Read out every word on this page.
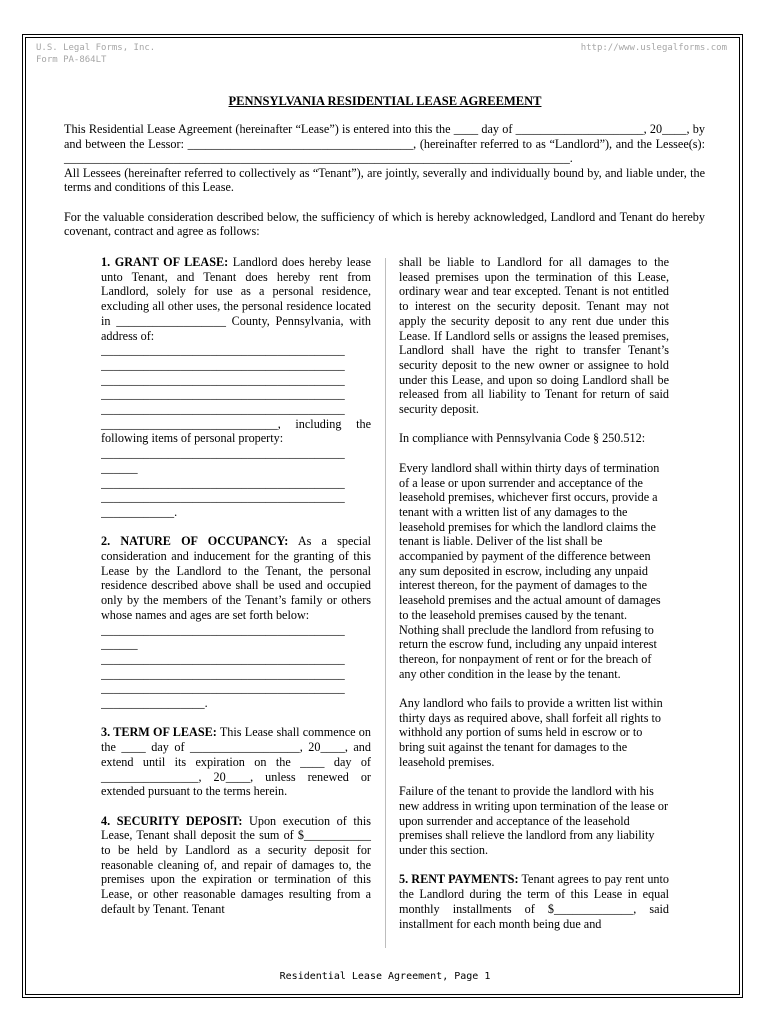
U.S. Legal Forms, Inc.
Form PA-864LT
http://www.uslegalforms.com
PENNSYLVANIA RESIDENTIAL LEASE AGREEMENT

This Residential Lease Agreement (hereinafter “Lease”) is entered into this the ____ day of _____________________, 20____, by and between the Lessor: _____________________________________, (hereinafter referred to as “Landlord”), and the Lessee(s): ___________________________________________________________________________________.

All Lessees (hereinafter referred to collectively as “Tenant”), are jointly, severally and individually bound by, and liable under, the terms and conditions of this Lease.

For the valuable consideration described below, the sufficiency of which is hereby acknowledged, Landlord and Tenant do hereby covenant, contract and agree as follows:

1. GRANT OF LEASE: Landlord does hereby lease unto Tenant, and Tenant does hereby rent from Landlord, solely for use as a personal residence, excluding all other uses, the personal residence located in __________________ County, Pennsylvania, with address of:

________________________________________
________________________________________
________________________________________
________________________________________
________________________________________

_____________________________, including the following items of personal property:

________________________________________
______
________________________________________
________________________________________
____________.

2. NATURE OF OCCUPANCY: As a special consideration and inducement for the granting of this Lease by the Landlord to the Tenant, the personal residence described above shall be used and occupied only by the members of the Tenant’s family or others whose names and ages are set forth below:

________________________________________
______
________________________________________
________________________________________
________________________________________
_________________.

3. TERM OF LEASE: This Lease shall commence on the ____ day of __________________, 20____, and extend until its expiration on the ____ day of ________________, 20____, unless renewed or extended pursuant to the terms herein.

4. SECURITY DEPOSIT: Upon execution of this Lease, Tenant shall deposit the sum of $___________ to be held by Landlord as a security deposit for reasonable cleaning of, and repair of damages to, the premises upon the expiration or termination of this Lease, or other reasonable damages resulting from a default by Tenant. Tenant

shall be liable to Landlord for all damages to the leased premises upon the termination of this Lease, ordinary wear and tear excepted. Tenant is not entitled to interest on the security deposit. Tenant may not apply the security deposit to any rent due under this Lease. If Landlord sells or assigns the leased premises, Landlord shall have the right to transfer Tenant’s security deposit to the new owner or assignee to hold under this Lease, and upon so doing Landlord shall be released from all liability to Tenant for return of said security deposit.

In compliance with Pennsylvania Code § 250.512:

Every landlord shall within thirty days of termination of a lease or upon surrender and acceptance of the leasehold premises, whichever first occurs, provide a tenant with a written list of any damages to the leasehold premises for which the landlord claims the tenant is liable. Deliver of the list shall be accompanied by payment of the difference between any sum deposited in escrow, including any unpaid interest thereon, for the payment of damages to the leasehold premises and the actual amount of damages to the leasehold premises caused by the tenant. Nothing shall preclude the landlord from refusing to return the escrow fund, including any unpaid interest thereon, for nonpayment of rent or for the breach of any other condition in the lease by the tenant.

Any landlord who fails to provide a written list within thirty days as required above, shall forfeit all rights to withhold any portion of sums held in escrow or to bring suit against the tenant for damages to the leasehold premises.

Failure of the tenant to provide the landlord with his new address in writing upon termination of the lease or upon surrender and acceptance of the leasehold premises shall relieve the landlord from any liability under this section.

5. RENT PAYMENTS: Tenant agrees to pay rent unto the Landlord during the term of this Lease in equal monthly installments of $_____________, said installment for each month being due and

Residential Lease Agreement, Page 1
